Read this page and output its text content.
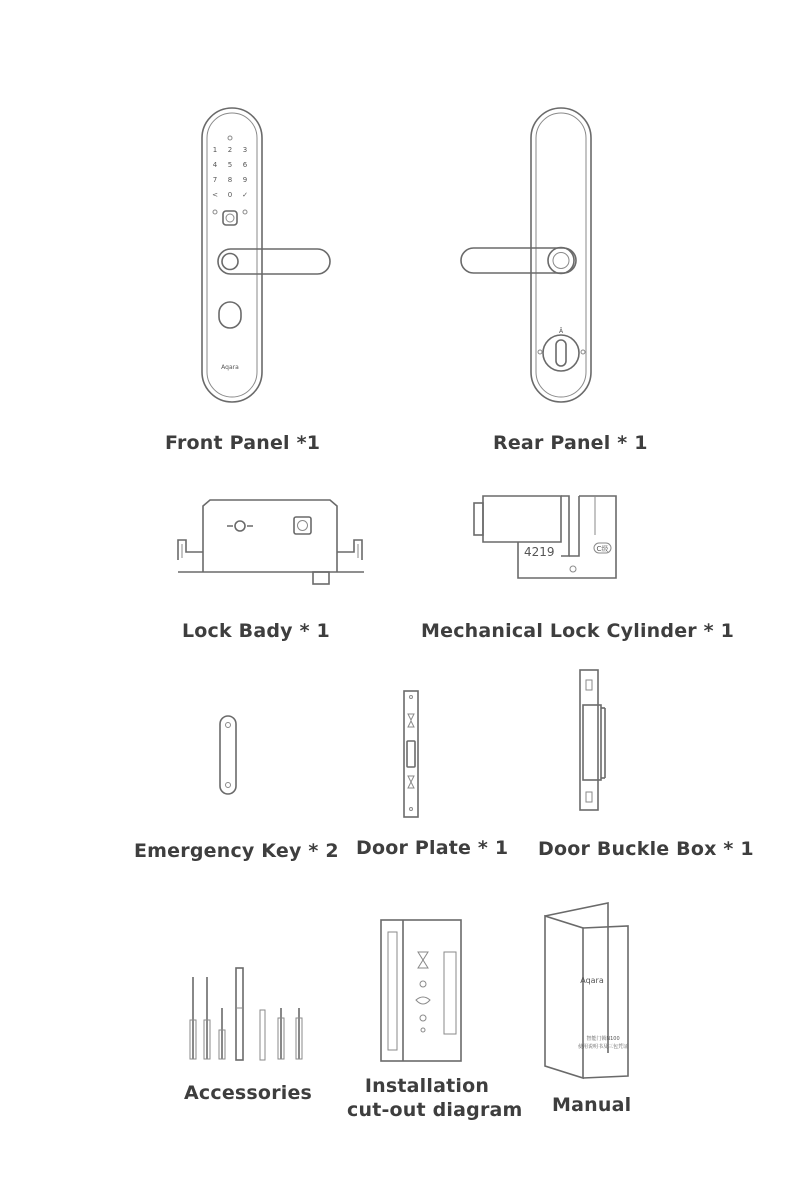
1 2 3
4 5 6
7 8 9
< 0 ✓
Aqara
Ā
4219	C级
Aqara
智能门锁N100
使用说明书及三包凭证
Front Panel *1	Rear Panel * 1
Lock Bady * 1	Mechanical Lock Cylinder * 1
Emergency Key * 2 Door Plate * 1 Door Buckle Box * 1
Accessories	Installation
cut-out diagram Manual
